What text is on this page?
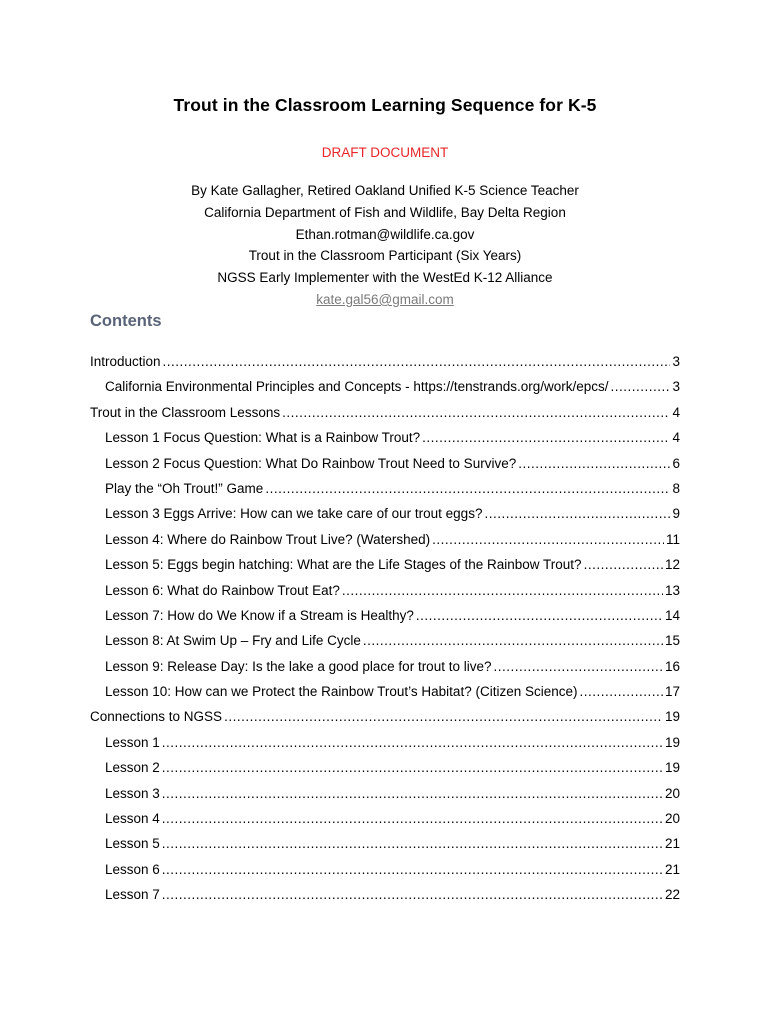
Trout in the Classroom Learning Sequence for K-5
DRAFT DOCUMENT
By Kate Gallagher, Retired Oakland Unified K-5 Science Teacher
California Department of Fish and Wildlife, Bay Delta Region
Ethan.rotman@wildlife.ca.gov
Trout in the Classroom Participant (Six Years)
NGSS Early Implementer with the WestEd K-12 Alliance
kate.gal56@gmail.com
Contents
Introduction .....	3
California Environmental Principles and Concepts - https://tenstrands.org/work/epcs/ .....	3
Trout in the Classroom Lessons .....	4
Lesson 1 Focus Question: What is a Rainbow Trout? .....	4
Lesson 2 Focus Question: What Do Rainbow Trout Need to Survive? .....	6
Play the “Oh Trout!” Game .....	8
Lesson 3 Eggs Arrive: How can we take care of our trout eggs? .....	9
Lesson 4: Where do Rainbow Trout Live? (Watershed) .....	11
Lesson 5: Eggs begin hatching: What are the Life Stages of the Rainbow Trout? .....	12
Lesson 6: What do Rainbow Trout Eat? .....	13
Lesson 7: How do We Know if a Stream is Healthy? .....	14
Lesson 8: At Swim Up – Fry and Life Cycle .....	15
Lesson 9: Release Day: Is the lake a good place for trout to live? .....	16
Lesson 10: How can we Protect the Rainbow Trout’s Habitat? (Citizen Science) .....	17
Connections to NGSS .....	19
Lesson 1 .....	19
Lesson 2 .....	19
Lesson 3 .....	20
Lesson 4 .....	20
Lesson 5 .....	21
Lesson 6 .....	21
Lesson 7 .....	22
